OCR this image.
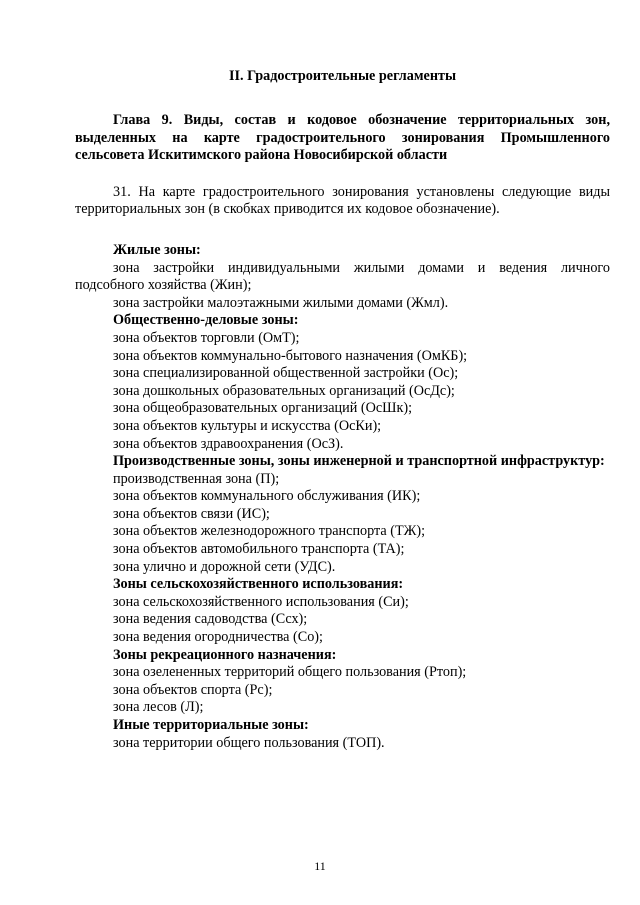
II. Градостроительные регламенты

Глава 9. Виды, состав и кодовое обозначение территориальных зон, выделенных на карте градостроительного зонирования Промышленного сельсовета Искитимского района Новосибирской области

31. На карте градостроительного зонирования установлены следующие виды территориальных зон (в скобках приводится их кодовое обозначение).

Жилые зоны:
зона застройки индивидуальными жилыми домами и ведения личного подсобного хозяйства (Жин);
зона застройки малоэтажными жилыми домами (Жмл).
Общественно-деловые зоны:
зона объектов торговли (ОмТ);
зона объектов коммунально-бытового назначения (ОмКБ);
зона специализированной общественной застройки (Ос);
зона дошкольных образовательных организаций (ОсДс);
зона общеобразовательных организаций (ОсШк);
зона объектов культуры и искусства (ОсКи);
зона объектов здравоохранения (ОсЗ).
Производственные зоны, зоны инженерной и транспортной инфраструктур:
производственная зона (П);
зона объектов коммунального обслуживания (ИК);
зона объектов связи (ИС);
зона объектов железнодорожного транспорта (ТЖ);
зона объектов автомобильного транспорта (ТА);
зона улично и дорожной сети (УДС).
Зоны сельскохозяйственного использования:
зона сельскохозяйственного использования (Си);
зона ведения садоводства (Ссх);
зона ведения огородничества (Со);
Зоны рекреационного назначения:
зона озелененных территорий общего пользования (Ртоп);
зона объектов спорта (Рс);
зона лесов (Л);
Иные территориальные зоны:
зона территории общего пользования (ТОП).
11
